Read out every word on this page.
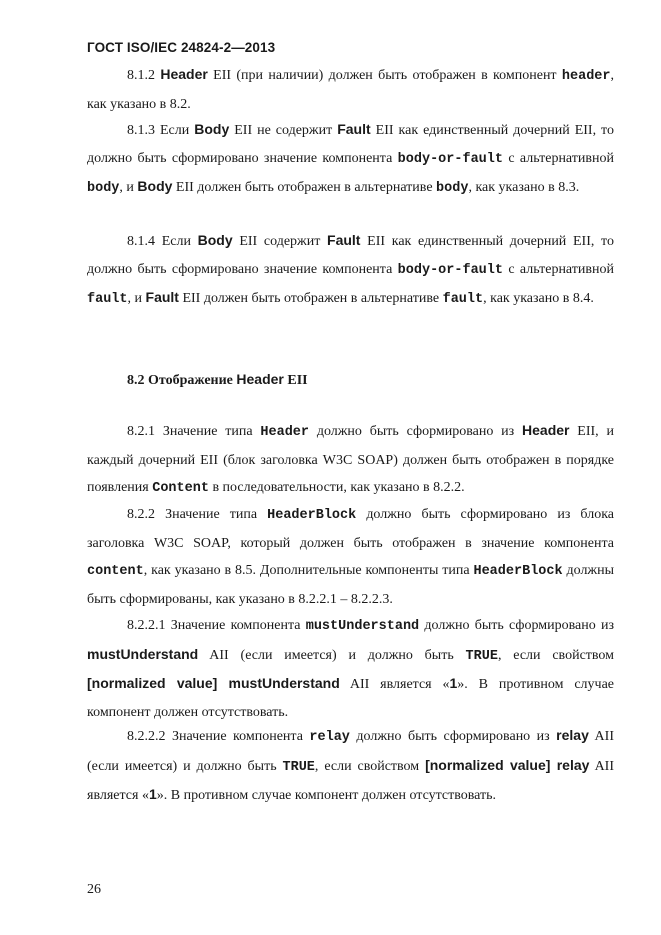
ГОСТ ISO/IEC 24824-2—2013

8.1.2 Header EII (при наличии) должен быть отображен в компонент header, как указано в 8.2.

8.1.3 Если Body EII не содержит Fault EII как единственный дочерний EII, то должно быть сформировано значение компонента body-or-fault с альтернативной body, и Body EII должен быть отображен в альтернативе body, как указано в 8.3.

8.1.4 Если Body EII содержит Fault EII как единственный дочерний EII, то должно быть сформировано значение компонента body-or-fault с альтернативной fault, и Fault EII должен быть отображен в альтернативе fault, как указано в 8.4.

8.2 Отображение Header EII

8.2.1 Значение типа Header должно быть сформировано из Header EII, и каждый дочерний EII (блок заголовка W3C SOAP) должен быть отображен в порядке появления Content в последовательности, как указано в 8.2.2.

8.2.2 Значение типа HeaderBlock должно быть сформировано из блока заголовка W3C SOAP, который должен быть отображен в значение компонента content, как указано в 8.5. Дополнительные компоненты типа HeaderBlock должны быть сформированы, как указано в 8.2.2.1 – 8.2.2.3.

8.2.2.1 Значение компонента mustUnderstand должно быть сформировано из mustUnderstand AII (если имеется) и должно быть TRUE, если свойством [normalized value] mustUnderstand AII является «1». В противном случае компонент должен отсутствовать.

8.2.2.2 Значение компонента relay должно быть сформировано из relay AII (если имеется) и должно быть TRUE, если свойством [normalized value] relay AII является «1». В противном случае компонент должен отсутствовать.

26
